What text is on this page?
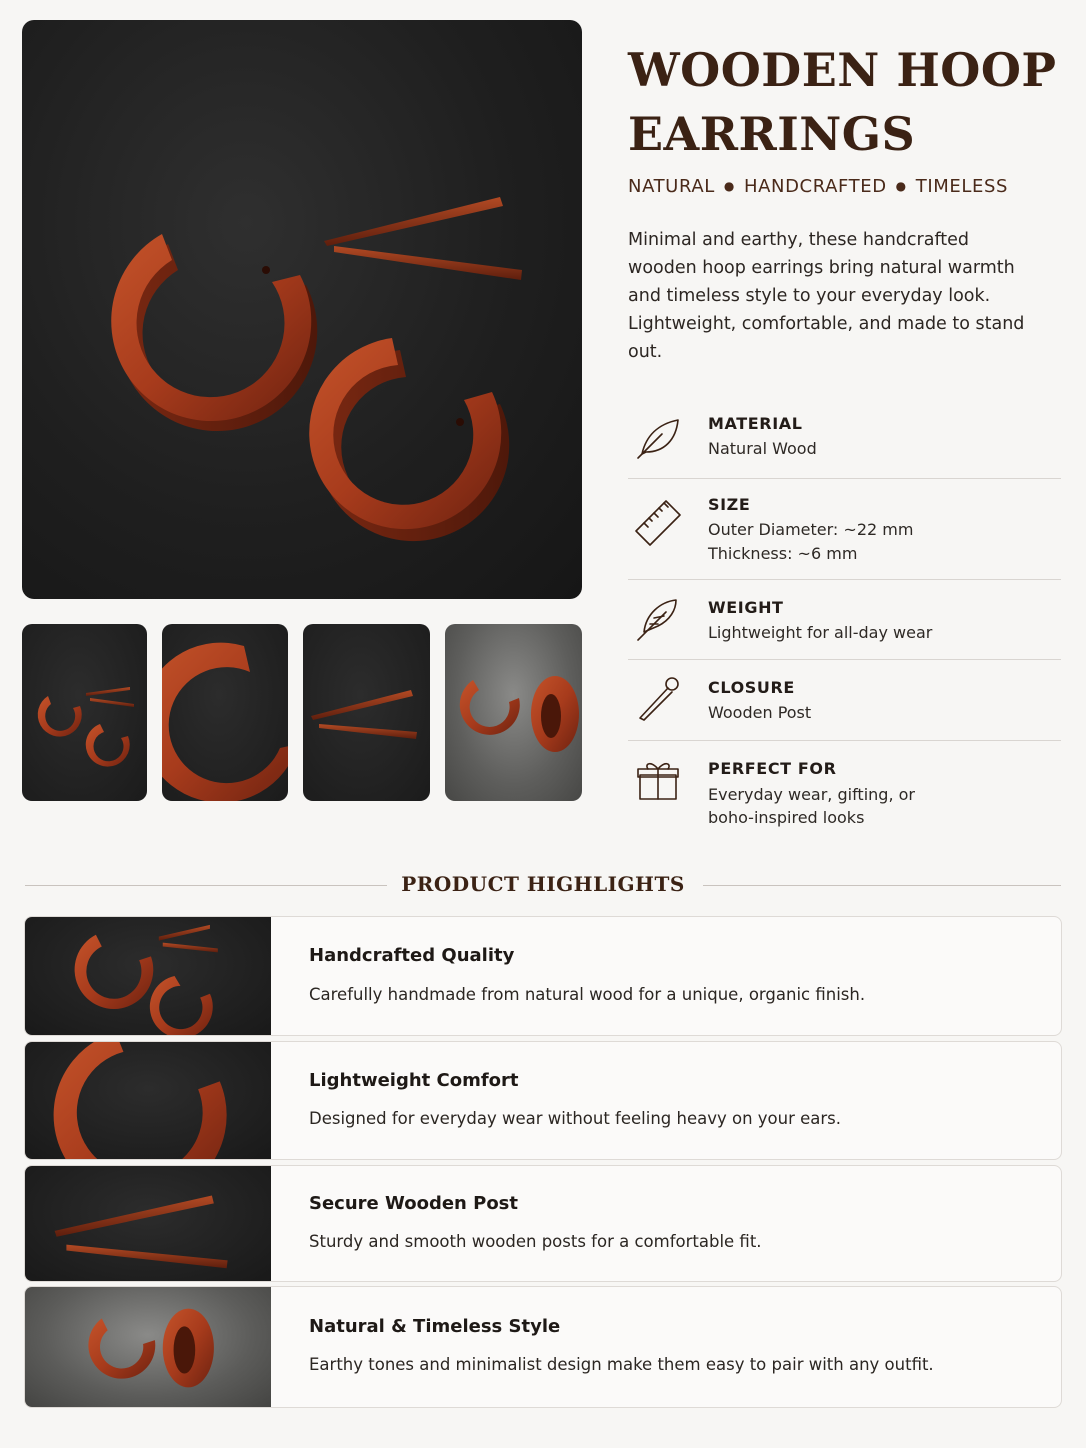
WOODEN HOOP
EARRINGS
NATURAL ● HANDCRAFTED ● TIMELESS

Minimal and earthy, these handcrafted wooden hoop earrings bring natural warmth and timeless style to your everyday look. Lightweight, comfortable, and made to stand out.

MATERIAL
Natural Wood
SIZE
Outer Diameter: ~22 mm
Thickness: ~6 mm
WEIGHT
Lightweight for all-day wear
CLOSURE
Wooden Post
PERFECT FOR
Everyday wear, gifting, or
boho-inspired looks
PRODUCT HIGHLIGHTS
Handcrafted Quality
Carefully handmade from natural wood for a unique, organic finish.
Lightweight Comfort
Designed for everyday wear without feeling heavy on your ears.
Secure Wooden Post
Sturdy and smooth wooden posts for a comfortable fit.
Natural & Timeless Style
Earthy tones and minimalist design make them easy to pair with any outfit.
